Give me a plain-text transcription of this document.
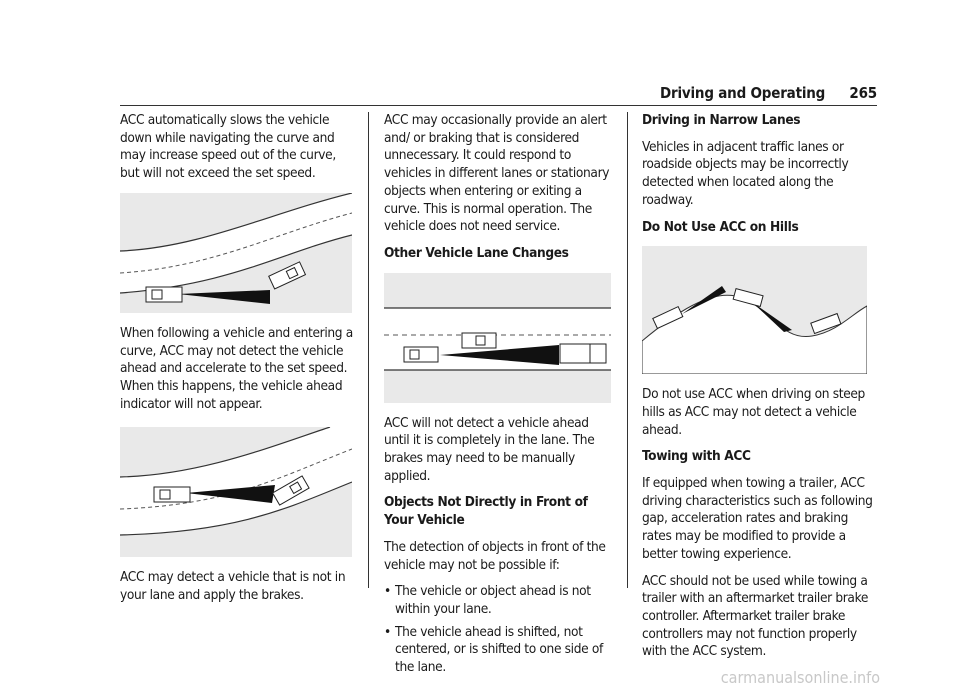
Driving and Operating 265

ACC automatically slows the vehicle down while navigating the curve and may increase speed out of the curve, but will not exceed the set speed.

When following a vehicle and entering a curve, ACC may not detect the vehicle ahead and accelerate to the set speed. When this happens, the vehicle ahead indicator will not appear.

ACC may detect a vehicle that is not in your lane and apply the brakes.

ACC may occasionally provide an alert and/ or braking that is considered unnecessary. It could respond to vehicles in different lanes or stationary objects when entering or exiting a curve. This is normal operation. The vehicle does not need service.

Other Vehicle Lane Changes

ACC will not detect a vehicle ahead until it is completely in the lane. The brakes may need to be manually applied.

Objects Not Directly in Front of Your Vehicle

The detection of objects in front of the vehicle may not be possible if:

• The vehicle or object ahead is not within your lane.
• The vehicle ahead is shifted, not centered, or is shifted to one side of the lane.

Driving in Narrow Lanes

Vehicles in adjacent traffic lanes or roadside objects may be incorrectly detected when located along the roadway.

Do Not Use ACC on Hills

Do not use ACC when driving on steep hills as ACC may not detect a vehicle ahead.

Towing with ACC

If equipped when towing a trailer, ACC driving characteristics such as following gap, acceleration rates and braking rates may be modified to provide a better towing experience.

ACC should not be used while towing a trailer with an aftermarket trailer brake controller. Aftermarket trailer brake controllers may not function properly with the ACC system.

carmanualsonline.info
